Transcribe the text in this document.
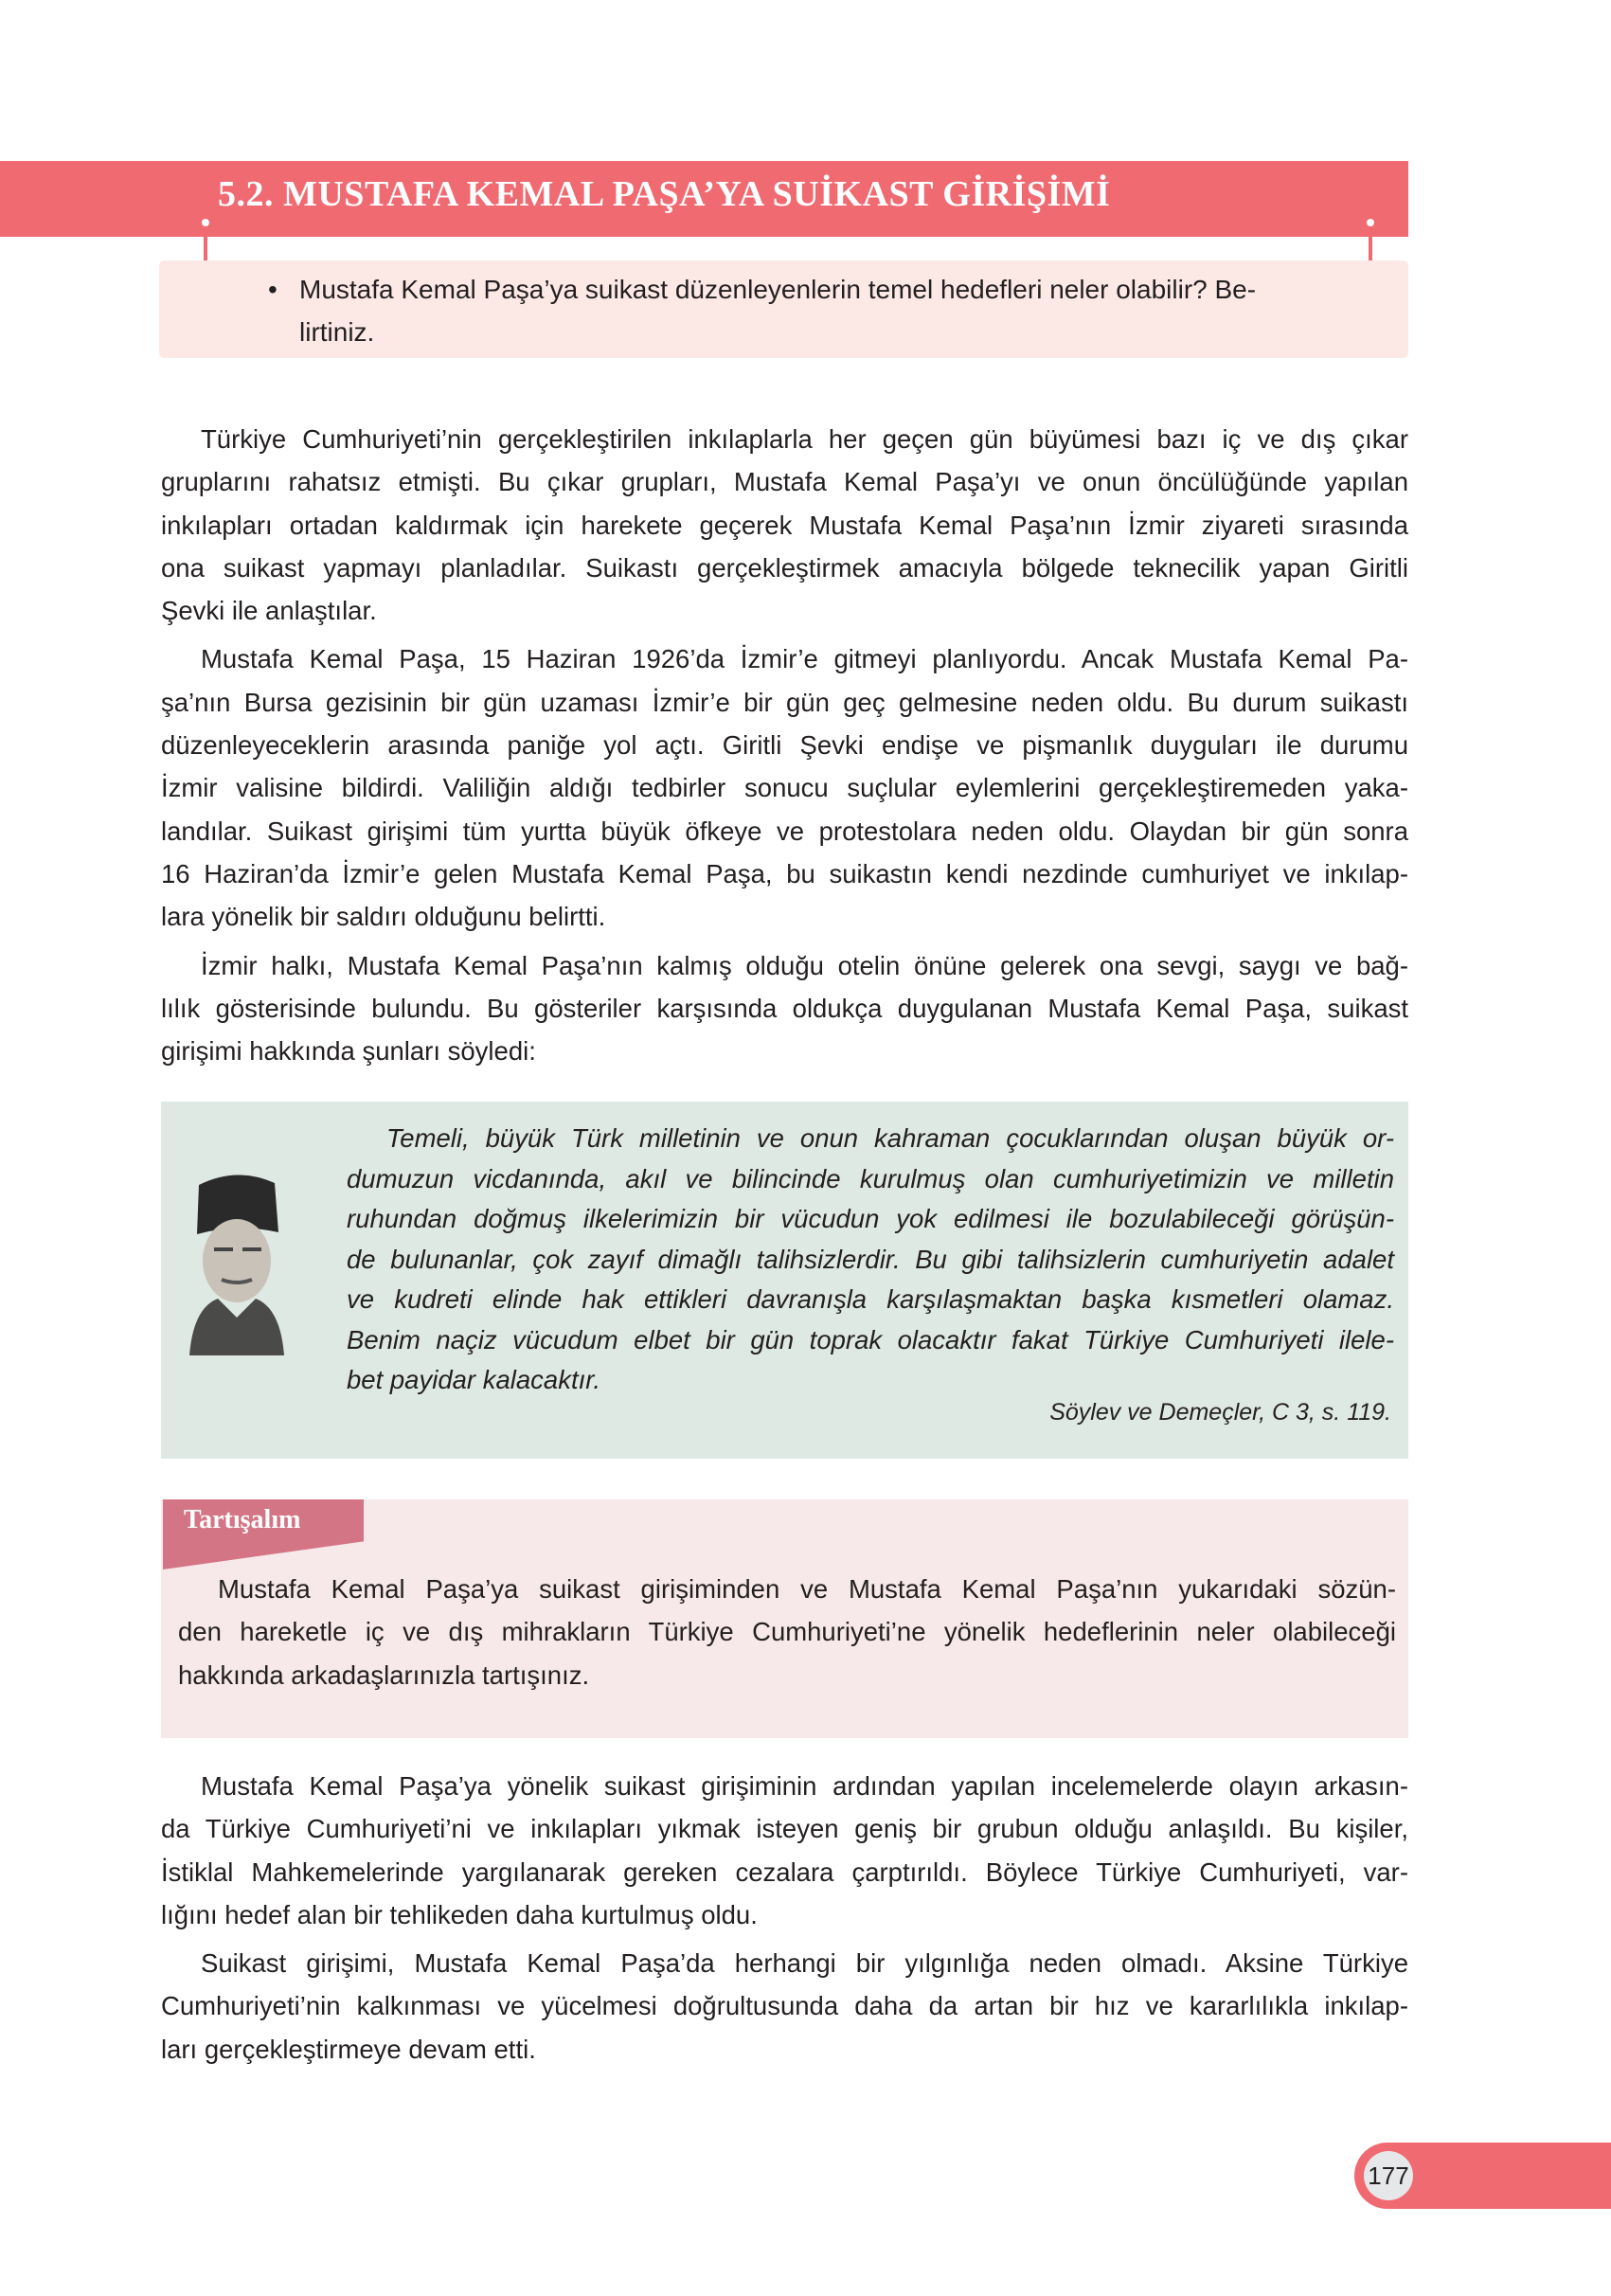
5.2. MUSTAFA KEMAL PAŞA’YA SUİKAST GİRİŞİMİ
• Mustafa Kemal Paşa’ya suikast düzenleyenlerin temel hedefleri neler olabilir? Be-
lirtiniz.
Türkiye Cumhuriyeti’nin gerçekleştirilen inkılaplarla her geçen gün büyümesi bazı iç ve dış çıkar
gruplarını rahatsız etmişti. Bu çıkar grupları, Mustafa Kemal Paşa’yı ve onun öncülüğünde yapılan
inkılapları ortadan kaldırmak için harekete geçerek Mustafa Kemal Paşa’nın İzmir ziyareti sırasında
ona suikast yapmayı planladılar. Suikastı gerçekleştirmek amacıyla bölgede teknecilik yapan Giritli
Şevki ile anlaştılar.
Mustafa Kemal Paşa, 15 Haziran 1926’da İzmir’e gitmeyi planlıyordu. Ancak Mustafa Kemal Pa-
şa’nın Bursa gezisinin bir gün uzaması İzmir’e bir gün geç gelmesine neden oldu. Bu durum suikastı
düzenleyeceklerin arasında paniğe yol açtı. Giritli Şevki endişe ve pişmanlık duyguları ile durumu
İzmir valisine bildirdi. Valiliğin aldığı tedbirler sonucu suçlular eylemlerini gerçekleştiremeden yaka-
landılar. Suikast girişimi tüm yurtta büyük öfkeye ve protestolara neden oldu. Olaydan bir gün sonra
16 Haziran’da İzmir’e gelen Mustafa Kemal Paşa, bu suikastın kendi nezdinde cumhuriyet ve inkılap-
lara yönelik bir saldırı olduğunu belirtti.
İzmir halkı, Mustafa Kemal Paşa’nın kalmış olduğu otelin önüne gelerek ona sevgi, saygı ve bağ-
lılık gösterisinde bulundu. Bu gösteriler karşısında oldukça duygulanan Mustafa Kemal Paşa, suikast
girişimi hakkında şunları söyledi:
Temeli, büyük Türk milletinin ve onun kahraman çocuklarından oluşan büyük or-
dumuzun vicdanında, akıl ve bilincinde kurulmuş olan cumhuriyetimizin ve milletin
ruhundan doğmuş ilkelerimizin bir vücudun yok edilmesi ile bozulabileceği görüşün-
de bulunanlar, çok zayıf dimağlı talihsizlerdir. Bu gibi talihsizlerin cumhuriyetin adalet
ve kudreti elinde hak ettikleri davranışla karşılaşmaktan başka kısmetleri olamaz.
Benim naçiz vücudum elbet bir gün toprak olacaktır fakat Türkiye Cumhuriyeti ilele-
bet payidar kalacaktır.
Söylev ve Demeçler, C 3, s. 119.
Tartışalım
Mustafa Kemal Paşa’ya suikast girişiminden ve Mustafa Kemal Paşa’nın yukarıdaki sözün-
den hareketle iç ve dış mihrakların Türkiye Cumhuriyeti’ne yönelik hedeflerinin neler olabileceği
hakkında arkadaşlarınızla tartışınız.
Mustafa Kemal Paşa’ya yönelik suikast girişiminin ardından yapılan incelemelerde olayın arkasın-
da Türkiye Cumhuriyeti’ni ve inkılapları yıkmak isteyen geniş bir grubun olduğu anlaşıldı. Bu kişiler,
İstiklal Mahkemelerinde yargılanarak gereken cezalara çarptırıldı. Böylece Türkiye Cumhuriyeti, var-
lığını hedef alan bir tehlikeden daha kurtulmuş oldu.
Suikast girişimi, Mustafa Kemal Paşa’da herhangi bir yılgınlığa neden olmadı. Aksine Türkiye
Cumhuriyeti’nin kalkınması ve yücelmesi doğrultusunda daha da artan bir hız ve kararlılıkla inkılap-
ları gerçekleştirmeye devam etti.
177
